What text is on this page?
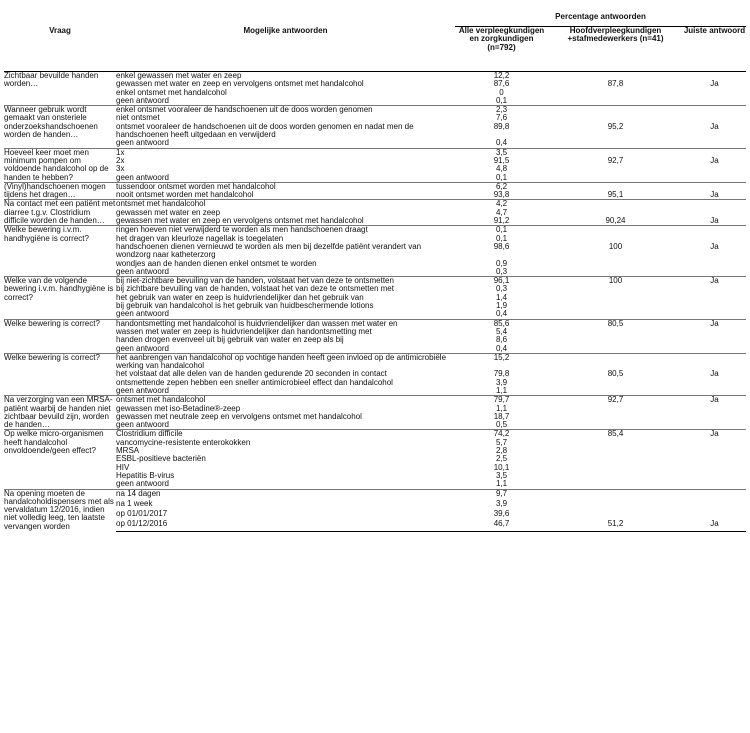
		Percentage antwoorden		
Vraag	Mogelijke antwoorden	Alle verpleegkundigen en zorgkundigen (n=792)	Hoofdverpleegkundigen +stafmedewerkers (n=41)	Juiste antwoord
Zichtbaar bevuilde handen worden…	enkel gewassen met water en zeep	12,2		
	gewassen met water en zeep en vervolgens ontsmet met handalcohol	87,6	87,8	Ja
	enkel ontsmet met handalcohol	0		
	geen antwoord	0,1		
Wanneer gebruik wordt gemaakt van onsteriele onderzoekshandschoenen worden de handen…	enkel ontsmet vooraleer de handschoenen uit de doos worden genomen	2,3		
	niet ontsmet	7,6		
	ontsmet vooraleer de handschoenen uit de doos worden genomen en nadat men de handschoenen heeft uitgedaan en verwijderd	89,8	95,2	Ja
	geen antwoord	0,4		
Hoeveel keer moet men minimum pompen om voldoende handalcohol op de handen te hebben?	1x	3,5		
	2x	91,5	92,7	Ja
	3x	4,8		
	geen antwoord	0,1		
(Vinyl)handschoenen mogen tijdens het dragen…	tussendoor ontsmet worden met handalcohol	6,2		
	nooit ontsmet worden met handalcohol	93,8	95,1	Ja
Na contact met een patiënt met diarree t.g.v. Clostridium difficile worden de handen…	ontsmet met handalcohol	4,2		
	gewassen met water en zeep	4,7		
	gewassen met water en zeep en vervolgens ontsmet met handalcohol	91,2	90,24	Ja
Welke bewering i.v.m. handhygiëne is correct?	ringen hoeven niet verwijderd te worden als men handschoenen draagt	0,1		
	het dragen van kleurloze nagellak is toegelaten	0,1		
	handschoenen dienen vernieuwd te worden als men bij dezelfde patiënt verandert van wondzorg naar katheterzorg	98,6	100	Ja
	wondjes aan de handen dienen enkel ontsmet te worden	0,9		
	geen antwoord	0,3		
Welke van de volgende bewering i.v.m. handhygiëne is correct?	bij niet-zichtbare bevuiling van de handen, volstaat het van deze te ontsmetten	96,1	100	Ja
	bij zichtbare bevuiling van de handen, volstaat het van deze te ontsmetten met	0,3		
	het gebruik van water en zeep is huidvriendelijker dan het gebruik van	1,4		
	bij gebruik van handalcohol is het gebruik van huidbeschermende lotions	1,9		
	geen antwoord	0,4		
Welke bewering is correct?	handontsmetting met handalcohol is huidvriendelijker dan wassen met water en	85,6	80,5	Ja
	wassen met water en zeep is huidvriendelijker dan handontsmetting met	5,4		
	handen drogen evenveel uit bij gebruik van water en zeep als bij	8,6		
	geen antwoord	0,4		
Welke bewering is correct?	het aanbrengen van handalcohol op vochtige handen heeft geen invloed op de antimicrobiële werking van handalcohol	15,2		
	het volstaat dat alle delen van de handen gedurende 20 seconden in contact	79,8	80,5	Ja
	ontsmettende zepen hebben een sneller antimicrobieel effect dan handalcohol	3,9		
	geen antwoord	1,1		
Na verzorging van een MRSA-patiënt waarbij de handen niet zichtbaar bevuild zijn, worden de handen…	ontsmet met handalcohol	79,7	92,7	Ja
	gewassen met iso-Betadine®-zeep	1,1		
	gewassen met neutrale zeep en vervolgens ontsmet met handalcohol	18,7		
	geen antwoord	0,5		
Op welke micro-organismen heeft handalcohol onvoldoende/geen effect?	Clostridium difficile	74,2	85,4	Ja
	vancomycine-resistente enterokokken	5,7		
	MRSA	2,8		
	ESBL-positieve bacteriën	2,5		
	HIV	10,1		
	Hepatitis B-virus	3,5		
	geen antwoord	1,1		
Na opening moeten de handalcoholdispensers met als vervaldatum 12/2016, indien niet volledig leeg, ten laatste vervangen worden	na 14 dagen	9,7		
	na 1 week	3,9		
	op 01/01/2017	39,6		
	op 01/12/2016	46,7	51,2	Ja
